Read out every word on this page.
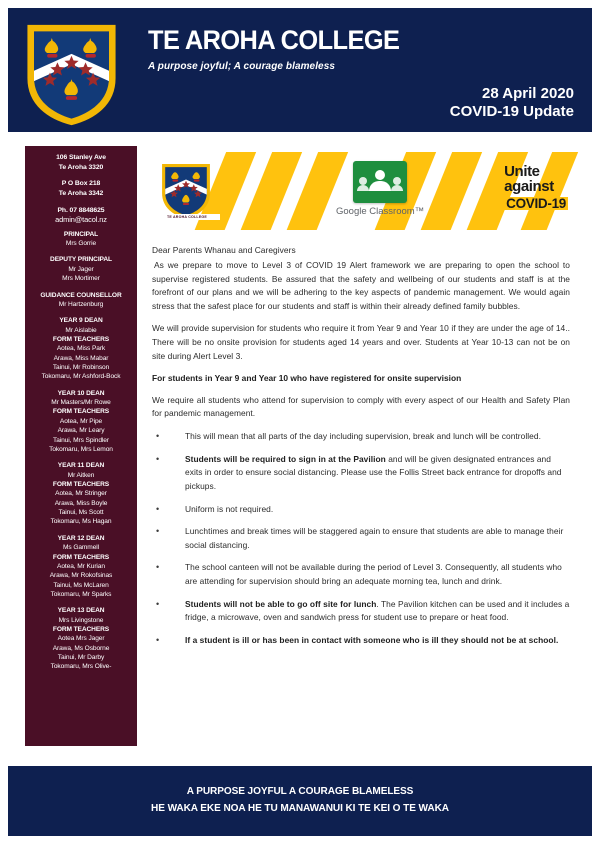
TE AROHA COLLEGE
A purpose joyful; A courage blameless
28 April 2020
COVID-19 Update
106 Stanley Ave
Te Aroha 3320
P O Box 218
Te Aroha 3342
Ph. 07 8848625
admin@tacol.nz
PRINCIPAL
Mrs Gorrie
DEPUTY PRINCIPAL
Mr Jager
Mrs Mortimer
GUIDANCE COUNSELLOR
Mr Hartzenburg
YEAR 9 DEAN
Mr Aislabie
FORM TEACHERS
Aotea, Miss Park
Arawa, Miss Mabar
Tainui, Mr Robinson
Tokomaru, Mr Ashford-Bock
YEAR 10 DEAN
Mr Masters/Mr Rowe
FORM TEACHERS
Aotea, Mr Pipe
Arawa, Mr Leary
Tainui, Mrs Spindler
Tokomaru, Mrs Lemon
YEAR 11 DEAN
Mr Aitken
FORM TEACHERS
Aotea, Mr Stringer
Arawa, Miss Boyle
Tainui, Ms Scott
Tokomaru, Ms Hagan
YEAR 12 DEAN
Ms Gammell
FORM TEACHERS
Aotea, Mr Kurian
Arawa, Mr Rokofsinas
Tainui, Ms McLaren
Tokomaru, Mr Sparks
YEAR 13 DEAN
Mrs Livingstone
FORM TEACHERS
Aotea Mrs Jager
Arawa, Ms Osborne
Tainui, Mr Darby
Tokomaru, Mrs Olive-
TE AROHA COLLEGE	Google Classroom™
Unite
against
COVID-19
Dear Parents Whanau and Caregivers
As we prepare to move to Level 3 of COVID 19 Alert framework we are preparing to open the school to supervise registered students. Be assured that the safety and wellbeing of our students and staff is at the forefront of our plans and we will be adhering to the key aspects of pandemic management. We would again stress that the safest place for our students and staff is within their already defined family bubbles.
We will provide supervision for students who require it from Year 9 and Year 10 if they are under the age of 14.. There will be no onsite provision for students aged 14 years and over. Students at Year 10-13 can not be on site during Alert Level 3.
For students in Year 9 and Year 10 who have registered for onsite supervision
We require all students who attend for supervision to comply with every aspect of our Health and Safety Plan for pandemic management.
• This will mean that all parts of the day including supervision, break and lunch will be controlled.
• Students will be required to sign in at the Pavilion and will be given designated entrances and exits in order to ensure social distancing. Please use the Follis Street back entrance for dropoffs and pickups.
• Uniform is not required.
• Lunchtimes and break times will be staggered again to ensure that students are able to manage their social distancing.
• The school canteen will not be available during the period of Level 3. Consequently, all students who are attending for supervision should bring an adequate morning tea, lunch and drink.
• Students will not be able to go off site for lunch. The Pavilion kitchen can be used and it includes a fridge, a microwave, oven and sandwich press for student use to prepare or heat food.
• If a student is ill or has been in contact with someone who is ill they should not be at school.
A PURPOSE JOYFUL A COURAGE BLAMELESS
HE WAKA EKE NOA HE TU MANAWANUI KI TE KEI O TE WAKA
